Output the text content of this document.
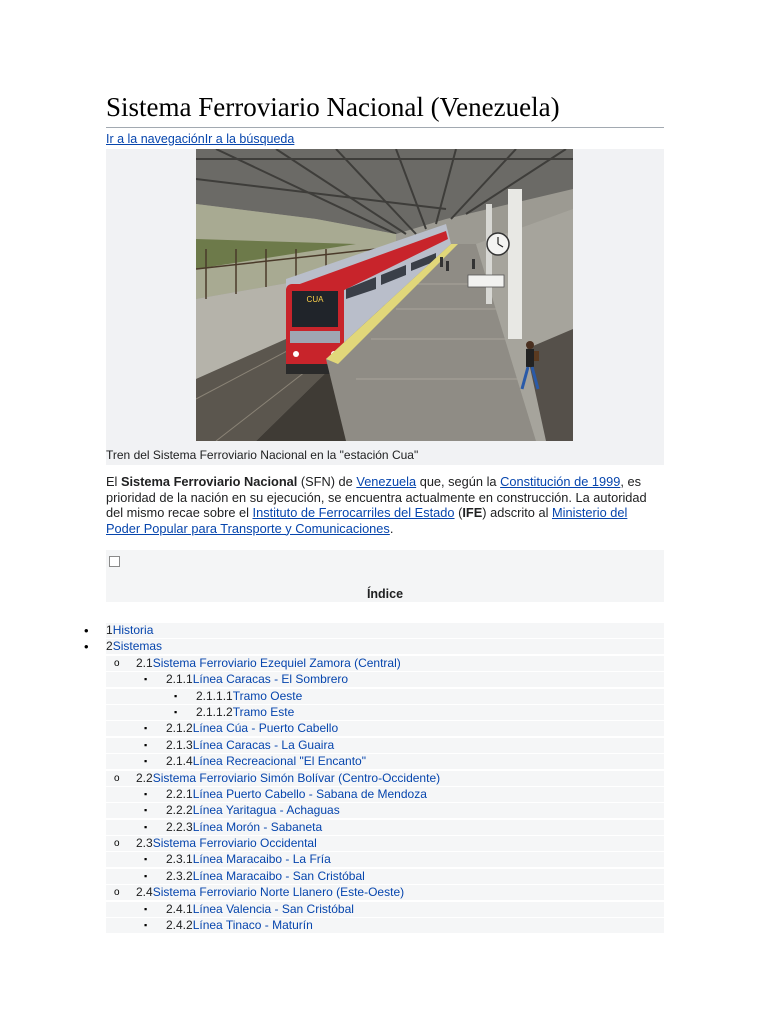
Sistema Ferroviario Nacional (Venezuela)
Ir a la navegaciónIr a la búsqueda
CUA
Tren del Sistema Ferroviario Nacional en la "estación Cua"

El Sistema Ferroviario Nacional (SFN) de Venezuela que, según la Constitución de 1999, es prioridad de la nación en su ejecución, se encuentra actualmente en construcción. La autoridad del mismo recae sobre el Instituto de Ferrocarriles del Estado (IFE) adscrito al Ministerio del Poder Popular para Transporte y Comunicaciones.

Índice
• 1Historia
• 2Sistemas
o 2.1Sistema Ferroviario Ezequiel Zamora (Central)
▪ 2.1.1Línea Caracas - El Sombrero
▪ 2.1.1.1Tramo Oeste
▪ 2.1.1.2Tramo Este
▪ 2.1.2Línea Cúa - Puerto Cabello
▪ 2.1.3Línea Caracas - La Guaira
▪ 2.1.4Línea Recreacional "El Encanto"
o 2.2Sistema Ferroviario Simón Bolívar (Centro-Occidente)
▪ 2.2.1Línea Puerto Cabello - Sabana de Mendoza
▪ 2.2.2Línea Yaritagua - Achaguas
▪ 2.2.3Línea Morón - Sabaneta
o 2.3Sistema Ferroviario Occidental
▪ 2.3.1Línea Maracaibo - La Fría
▪ 2.3.2Línea Maracaibo - San Cristóbal
o 2.4Sistema Ferroviario Norte Llanero (Este-Oeste)
▪ 2.4.1Línea Valencia - San Cristóbal
▪ 2.4.2Línea Tinaco - Maturín
